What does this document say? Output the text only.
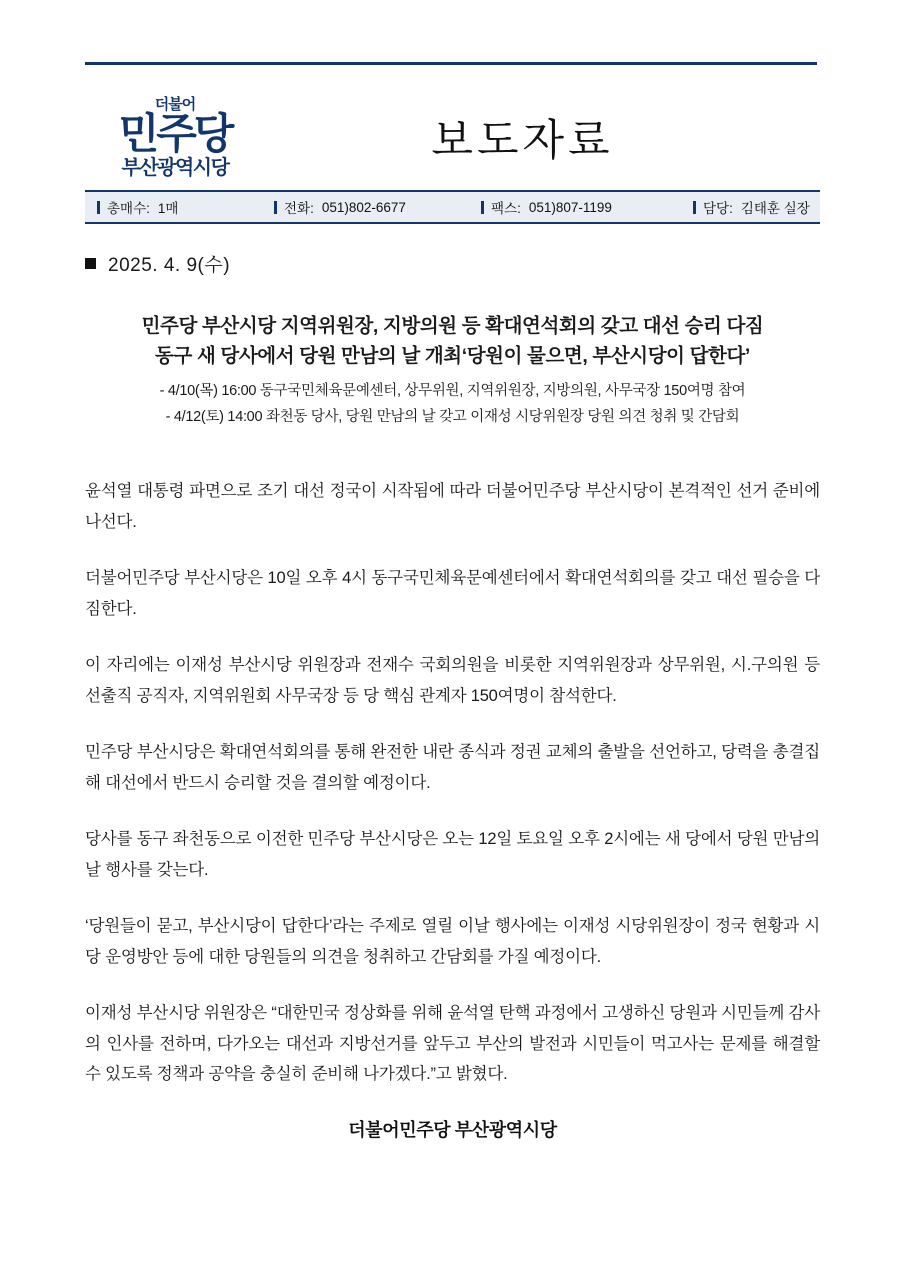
더불어
민주당
부산광역시당
보도자료
총매수: 1매	전화: 051)802-6677	팩스: 051)807-1199	담당: 김태훈 실장
2025. 4. 9(수)
민주당 부산시당 지역위원장, 지방의원 등 확대연석회의 갖고 대선 승리 다짐
동구 새 당사에서 당원 만남의 날 개최‘당원이 물으면, 부산시당이 답한다’
- 4/10(목) 16:00 동구국민체육문예센터, 상무위원, 지역위원장, 지방의원, 사무국장 150여명 참여
- 4/12(토) 14:00 좌천동 당사, 당원 만남의 날 갖고 이재성 시당위원장 당원 의견 청취 및 간담회

윤석열 대통령 파면으로 조기 대선 정국이 시작됨에 따라 더불어민주당 부산시당이 본격적인 선거 준비에 나선다.

더불어민주당 부산시당은 10일 오후 4시 동구국민체육문예센터에서 확대연석회의를 갖고 대선 필승을 다짐한다.

이 자리에는 이재성 부산시당 위원장과 전재수 국회의원을 비롯한 지역위원장과 상무위원, 시.구의원 등 선출직 공직자, 지역위원회 사무국장 등 당 핵심 관계자 150여명이 참석한다.

민주당 부산시당은 확대연석회의를 통해 완전한 내란 종식과 정권 교체의 출발을 선언하고, 당력을 총결집해 대선에서 반드시 승리할 것을 결의할 예정이다.

당사를 동구 좌천동으로 이전한 민주당 부산시당은 오는 12일 토요일 오후 2시에는 새 당에서 당원 만남의 날 행사를 갖는다.

‘당원들이 묻고, 부산시당이 답한다’라는 주제로 열릴 이날 행사에는 이재성 시당위원장이 정국 현황과 시당 운영방안 등에 대한 당원들의 의견을 청취하고 간담회를 가질 예정이다.

이재성 부산시당 위원장은 “대한민국 정상화를 위해 윤석열 탄핵 과정에서 고생하신 당원과 시민들께 감사의 인사를 전하며, 다가오는 대선과 지방선거를 앞두고 부산의 발전과 시민들이 먹고사는 문제를 해결할 수 있도록 정책과 공약을 충실히 준비해 나가겠다.”고 밝혔다.

더불어민주당 부산광역시당
